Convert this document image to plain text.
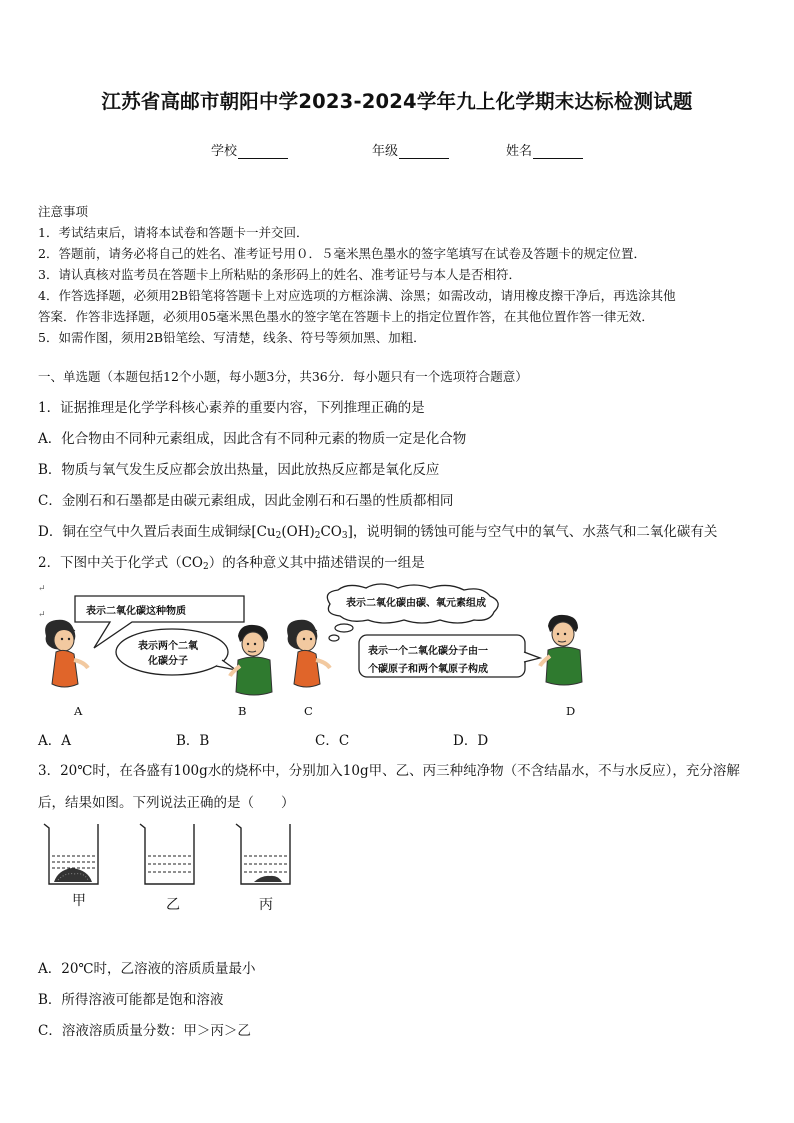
江苏省高邮市朝阳中学2023-2024学年九上化学期末达标检测试题
学校	年级	姓名
注意事项
1．考试结束后，请将本试卷和答题卡一并交回．
2．答题前，请务必将自己的姓名、准考证号用０．５毫米黑色墨水的签字笔填写在试卷及答题卡的规定位置．
3．请认真核对监考员在答题卡上所粘贴的条形码上的姓名、准考证号与本人是否相符．
4．作答选择题，必须用2B铅笔将答题卡上对应选项的方框涂满、涂黑；如需改动，请用橡皮擦干净后，再选涂其他
答案．作答非选择题，必须用05毫米黑色墨水的签字笔在答题卡上的指定位置作答，在其他位置作答一律无效．
5．如需作图，须用2B铅笔绘、写清楚，线条、符号等须加黑、加粗．
一、单选题（本题包括12个小题，每小题3分，共36分．每小题只有一个选项符合题意）
1．证据推理是化学学科核心素养的重要内容，下列推理正确的是
A．化合物由不同种元素组成，因此含有不同种元素的物质一定是化合物
B．物质与氧气发生反应都会放出热量，因此放热反应都是氧化反应
C．金刚石和石墨都是由碳元素组成，因此金刚石和石墨的性质都相同
D．铜在空气中久置后表面生成铜绿$[Cu_2(OH)_2CO_3]$，说明铜的锈蚀可能与空气中的氧气、水蒸气和二氧化碳有关
2．下图中关于化学式$(CO_2)$的各种意义其中描述错误的一组是
↵
↵	表示二氧化碳这种物质
表示两个二氧
化碳分子
表示二氧化碳由碳、氧元素组成
表示一个二氧化碳分子由一
个碳原子和两个氧原子构成
A	B	C	D
A．A	B．B	C．C	D．D
3．20℃时，在各盛有100g水的烧杯中，分别加入10g甲、乙、丙三种纯净物（不含结晶水，不与水反应），充分溶解
后，结果如图。下列说法正确的是（　　）
甲	乙	丙
A．20℃时，乙溶液的溶质质量最小
B．所得溶液可能都是饱和溶液
C．溶液溶质质量分数：甲＞丙＞乙
